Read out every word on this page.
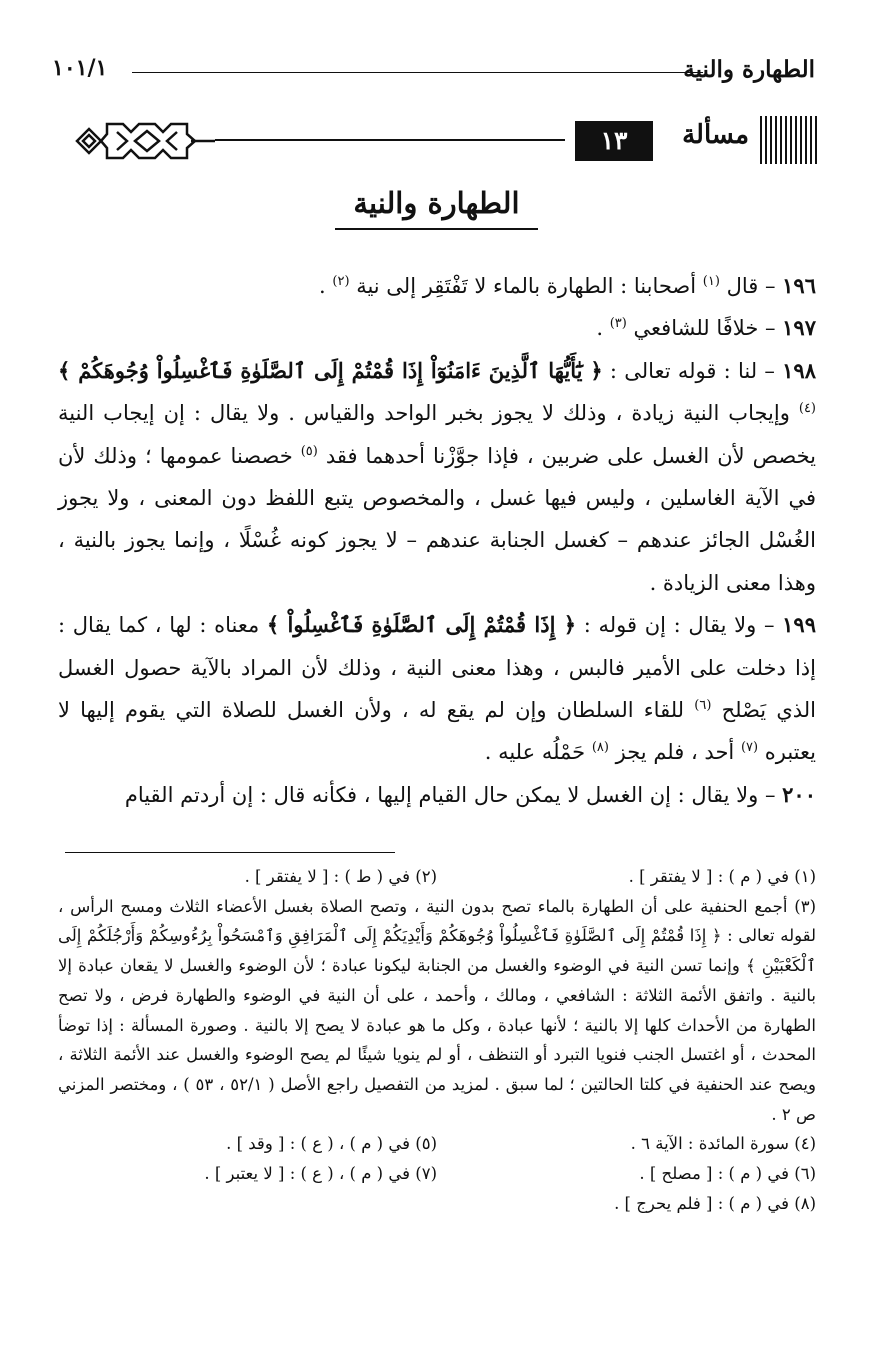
الطهارة والنية
١٠١/١
مسألة
١٣
الطهارة والنية

١٩٦ – قال $^{(١)}$ أصحابنا : الطهارة بالماء لا تَفْتَقِر إلى نية $^{(٢)}$ .

١٩٧ – خلافًا للشافعي $^{(٣)}$ .

١٩٨ – لنا : قوله تعالى : ﴿ يَٰٓأَيُّهَا ٱلَّذِينَ ءَامَنُوٓاْ إِذَا قُمْتُمْ إِلَى ٱلصَّلَوٰةِ فَٱغْسِلُواْ وُجُوهَكُمْ ﴾$^{(٤)}$ وإيجاب النية زيادة ، وذلك لا يجوز بخبر الواحد والقياس . ولا يقال : إن إيجاب النية يخصص لأن الغسل على ضربين ، فإذا جوَّزْنا أحدهما فقد $^{(٥)}$ خصصنا عمومها ؛ وذلك لأن في الآية الغاسلين ، وليس فيها غسل ، والمخصوص يتبع اللفظ دون المعنى ، ولا يجوز الغُسْل الجائز عندهم – كغسل الجنابة عندهم – لا يجوز كونه غُسْلًا ، وإنما يجوز بالنية ، وهذا معنى الزيادة .

١٩٩ – ولا يقال : إن قوله : ﴿ إِذَا قُمْتُمْ إِلَى ٱلصَّلَوٰةِ فَٱغْسِلُواْ ﴾ معناه : لها ، كما يقال : إذا دخلت على الأمير فالبس ، وهذا معنى النية ، وذلك لأن المراد بالآية حصول الغسل الذي يَصْلح $^{(٦)}$ للقاء السلطان وإن لم يقع له ، ولأن الغسل للصلاة التي يقوم إليها لا يعتبره $^{(٧)}$ أحد ، فلم يجز $^{(٨)}$ حَمْلُه عليه .

٢٠٠ – ولا يقال : إن الغسل لا يمكن حال القيام إليها ، فكأنه قال : إن أردتم القيام

(١) في ( م ) : [ لا يفتقر ] .
(٢) في ( ط ) : [ لا يفتقر ] .

(٣) أجمع الحنفية على أن الطهارة بالماء تصح بدون النية ، وتصح الصلاة بغسل الأعضاء الثلاث ومسح الرأس ، لقوله تعالى : ﴿ إِذَا قُمْتُمْ إِلَى ٱلصَّلَوٰةِ فَٱغْسِلُواْ وُجُوهَكُمْ وَأَيْدِيَكُمْ إِلَى ٱلْمَرَافِقِ وَٱمْسَحُواْ بِرُءُوسِكُمْ وَأَرْجُلَكُمْ إِلَى ٱلْكَعْبَيْنِ ﴾ وإنما تسن النية في الوضوء والغسل من الجنابة ليكونا عبادة ؛ لأن الوضوء والغسل لا يقعان عبادة إلا بالنية . واتفق الأئمة الثلاثة : الشافعي ، ومالك ، وأحمد ، على أن النية في الوضوء والطهارة فرض ، ولا تصح الطهارة من الأحداث كلها إلا بالنية ؛ لأنها عبادة ، وكل ما هو عبادة لا يصح إلا بالنية . وصورة المسألة : إذا توضأ المحدث ، أو اغتسل الجنب فنويا التبرد أو التنظف ، أو لم ينويا شيئًا لم يصح الوضوء والغسل عند الأئمة الثلاثة ، ويصح عند الحنفية في كلتا الحالتين ؛ لما سبق . لمزيد من التفصيل راجع الأصل ( ٥٢/١ ، ٥٣ ) ، ومختصر المزني ص ٢ .

(٤) سورة المائدة : الآية ٦ .
(٥) في ( م ) ، ( ع ) : [ وقد ] .
(٦) في ( م ) : [ مصلح ] .
(٧) في ( م ) ، ( ع ) : [ لا يعتبر ] .
(٨) في ( م ) : [ فلم يحرج ] .
